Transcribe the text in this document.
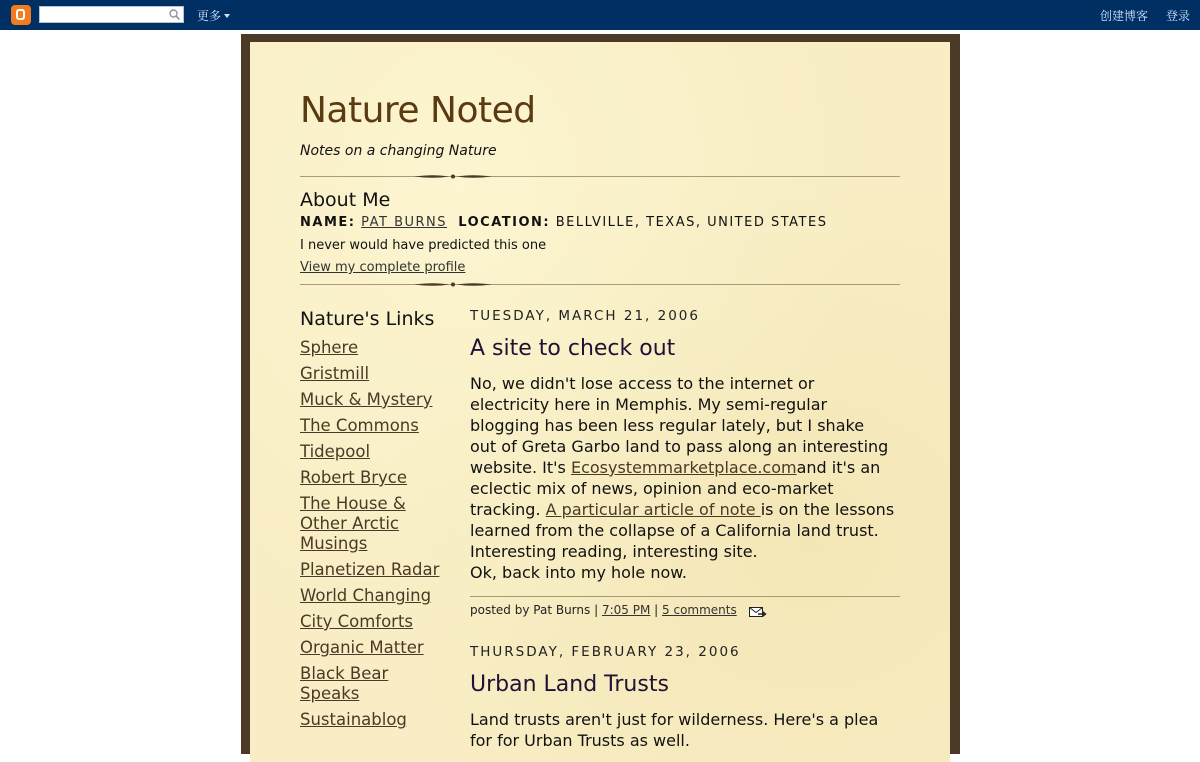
更多	创建博客 登录
Nature Noted
Notes on a changing Nature
About Me
NAME: PAT BURNS LOCATION: BELLVILLE, TEXAS, UNITED STATES
I never would have predicted this one
View my complete profile
Nature's Links
Sphere
Gristmill
Muck & Mystery
The Commons
Tidepool
Robert Bryce
The House & Other Arctic Musings
Planetizen Radar
World Changing
City Comforts
Organic Matter
Black Bear Speaks
Sustainablog
TUESDAY, MARCH 21, 2006
A site to check out
No, we didn't lose access to the internet or electricity here in Memphis. My semi-regular blogging has been less regular lately, but I shake out of Greta Garbo land to pass along an interesting website. It's Ecosystemmarketplace.comand it's an eclectic mix of news, opinion and eco-market tracking. A particular article of note is on the lessons learned from the collapse of a California land trust. Interesting reading, interesting site.
Ok, back into my hole now.
posted by Pat Burns | 7:05 PM | 5 comments
THURSDAY, FEBRUARY 23, 2006
Urban Land Trusts
Land trusts aren't just for wilderness. Here's a plea for for Urban Trusts as well.
